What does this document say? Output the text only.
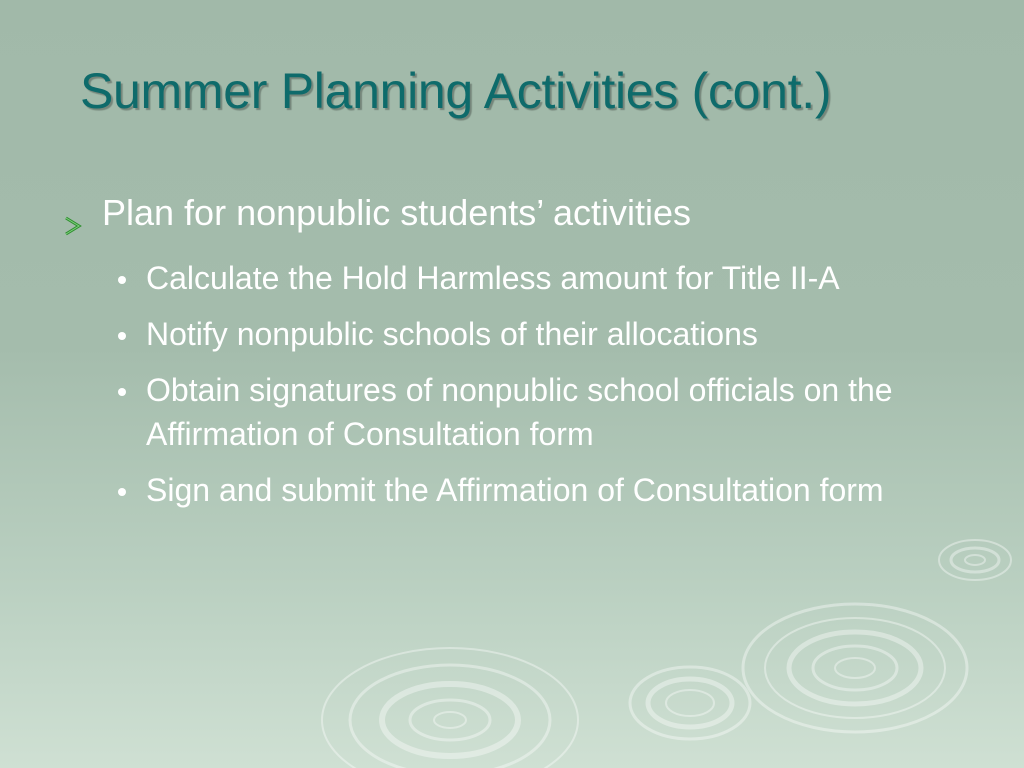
Summer Planning Activities (cont.)
Plan for nonpublic students’ activities
Calculate the Hold Harmless amount for Title II-A
Notify nonpublic schools of their allocations
Obtain signatures of nonpublic school officials on the Affirmation of Consultation form
Sign and submit the Affirmation of Consultation form
